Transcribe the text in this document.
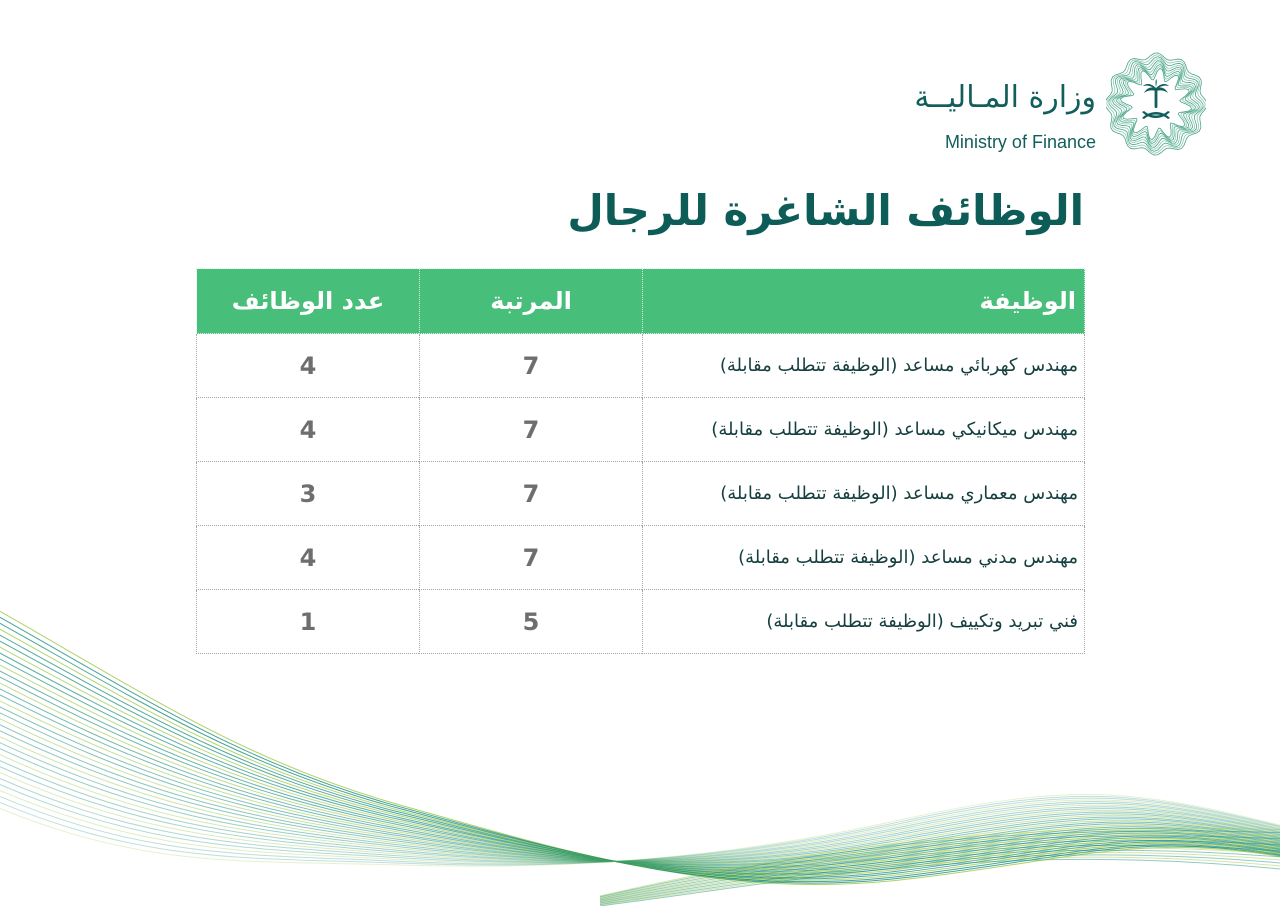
وزارة المـاليــة
Ministry of Finance
الوظائف الشاغرة للرجال
الوظيفة	المرتبة	عدد الوظائف
مهندس كهربائي مساعد (الوظيفة تتطلب مقابلة)	7	4
مهندس ميكانيكي مساعد (الوظيفة تتطلب مقابلة)	7	4
مهندس معماري مساعد (الوظيفة تتطلب مقابلة)	7	3
مهندس مدني مساعد (الوظيفة تتطلب مقابلة)	7	4
فني تبريد وتكييف (الوظيفة تتطلب مقابلة)	5	1
